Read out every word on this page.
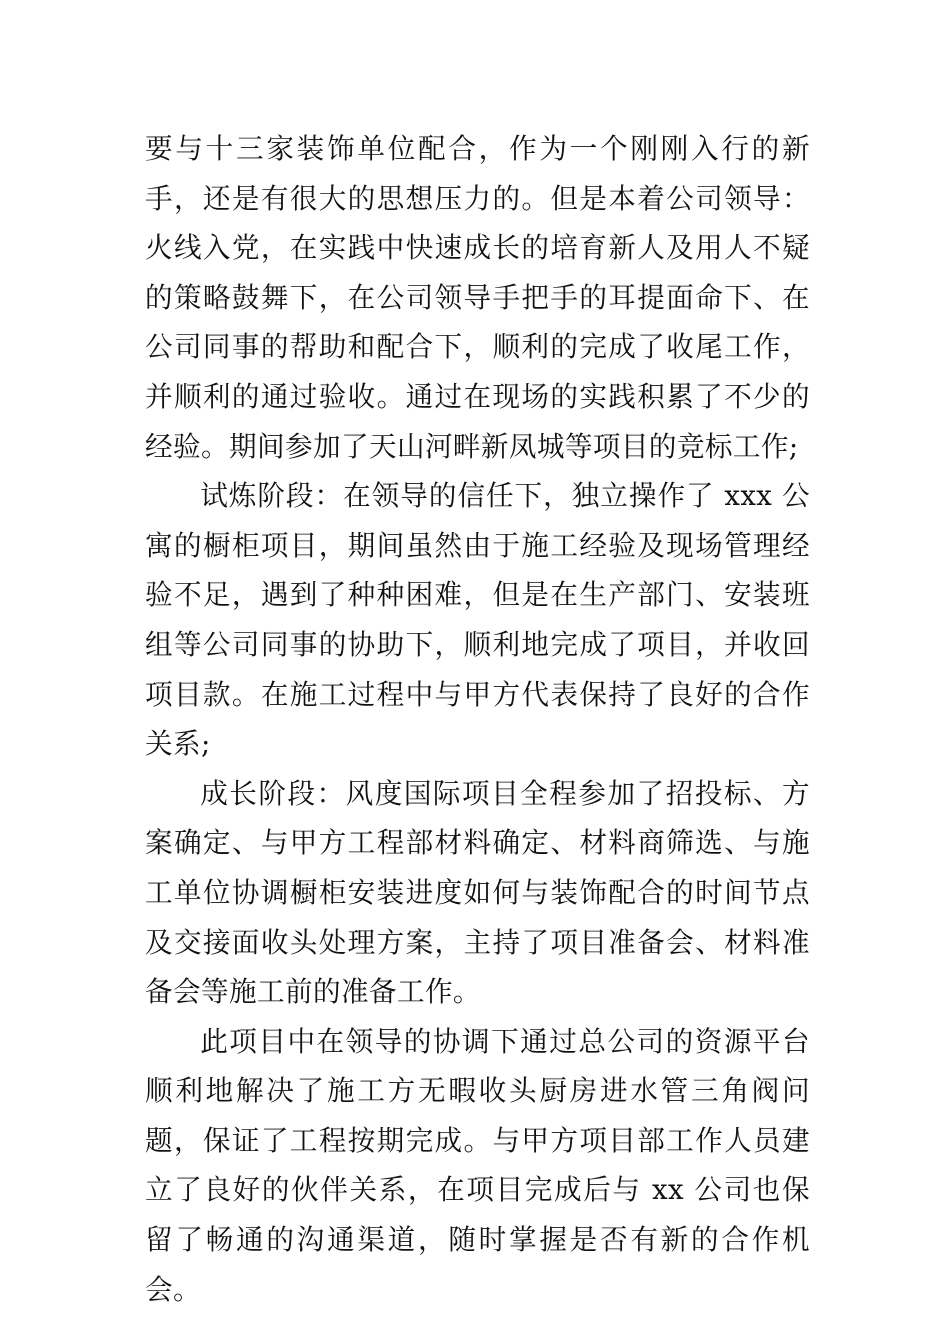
要与十三家装饰单位配合，作为一个刚刚入行的新手，还是有很大的思想压力的。但是本着公司领导：火线入党，在实践中快速成长的培育新人及用人不疑的策略鼓舞下，在公司领导手把手的耳提面命下、在公司同事的帮助和配合下，顺利的完成了收尾工作，并顺利的通过验收。通过在现场的实践积累了不少的经验。期间参加了天山河畔新凤城等项目的竞标工作;

试炼阶段：在领导的信任下，独立操作了 xxx 公寓的橱柜项目，期间虽然由于施工经验及现场管理经验不足，遇到了种种困难，但是在生产部门、安装班组等公司同事的协助下，顺利地完成了项目，并收回项目款。在施工过程中与甲方代表保持了良好的合作关系;

成长阶段：风度国际项目全程参加了招投标、方案确定、与甲方工程部材料确定、材料商筛选、与施工单位协调橱柜安装进度如何与装饰配合的时间节点及交接面收头处理方案，主持了项目准备会、材料准备会等施工前的准备工作。

此项目中在领导的协调下通过总公司的资源平台顺利地解决了施工方无暇收头厨房进水管三角阀问题，保证了工程按期完成。与甲方项目部工作人员建立了良好的伙伴关系，在项目完成后与 xx 公司也保留了畅通的沟通渠道，随时掌握是否有新的合作机会。
